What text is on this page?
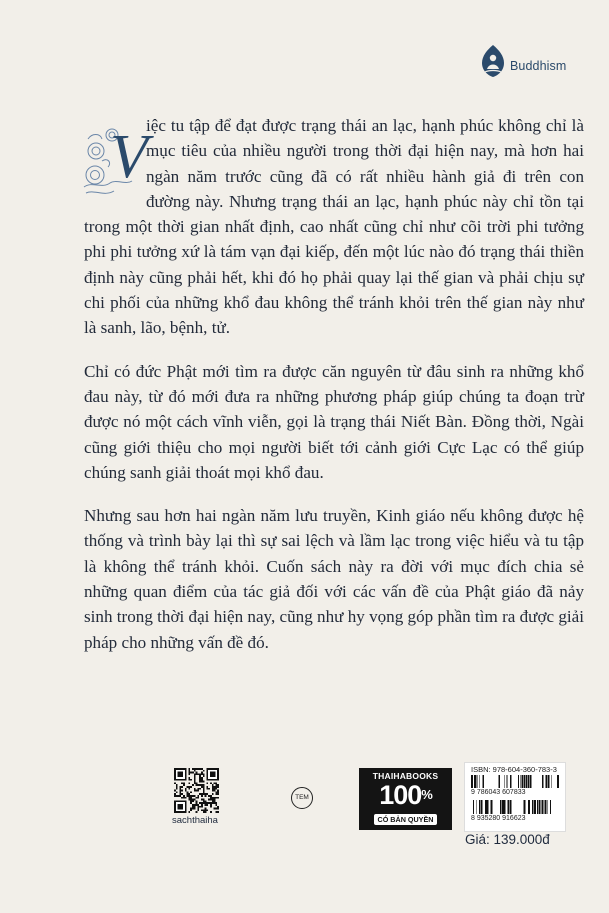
Buddhism

V
iệc tu tập để đạt được trạng thái an lạc, hạnh phúc không chỉ là mục tiêu của nhiều người trong thời đại hiện nay, mà hơn hai ngàn năm trước cũng đã có rất nhiều hành giả đi trên con đường này. Nhưng trạng thái an lạc, hạnh phúc này chỉ tồn tại trong một thời gian nhất định, cao nhất cũng chỉ như cõi trời phi tưởng phi phi tưởng xứ là tám vạn đại kiếp, đến một lúc nào đó trạng thái thiền định này cũng phải hết, khi đó họ phải quay lại thế gian và phải chịu sự chi phối của những khổ đau không thể tránh khỏi trên thế gian này như là sanh, lão, bệnh, tử.

Chỉ có đức Phật mới tìm ra được căn nguyên từ đâu sinh ra những khổ đau này, từ đó mới đưa ra những phương pháp giúp chúng ta đoạn trừ được nó một cách vĩnh viễn, gọi là trạng thái Niết Bàn. Đồng thời, Ngài cũng giới thiệu cho mọi người biết tới cảnh giới Cực Lạc có thể giúp chúng sanh giải thoát mọi khổ đau.

Nhưng sau hơn hai ngàn năm lưu truyền, Kinh giáo nếu không được hệ thống và trình bày lại thì sự sai lệch và lầm lạc trong việc hiểu và tu tập là không thể tránh khỏi. Cuốn sách này ra đời với mục đích chia sẻ những quan điểm của tác giả đối với các vấn đề của Phật giáo đã nảy sinh trong thời đại hiện nay, cũng như hy vọng góp phần tìm ra được giải pháp cho những vấn đề đó.

sachthaiha
TEM
THAIHABOOKS
100%
CÓ BẢN QUYỀN
ISBN: 978-604-360-783-3
9 786043 607833
8 935280 916623
Giá: 139.000đ
